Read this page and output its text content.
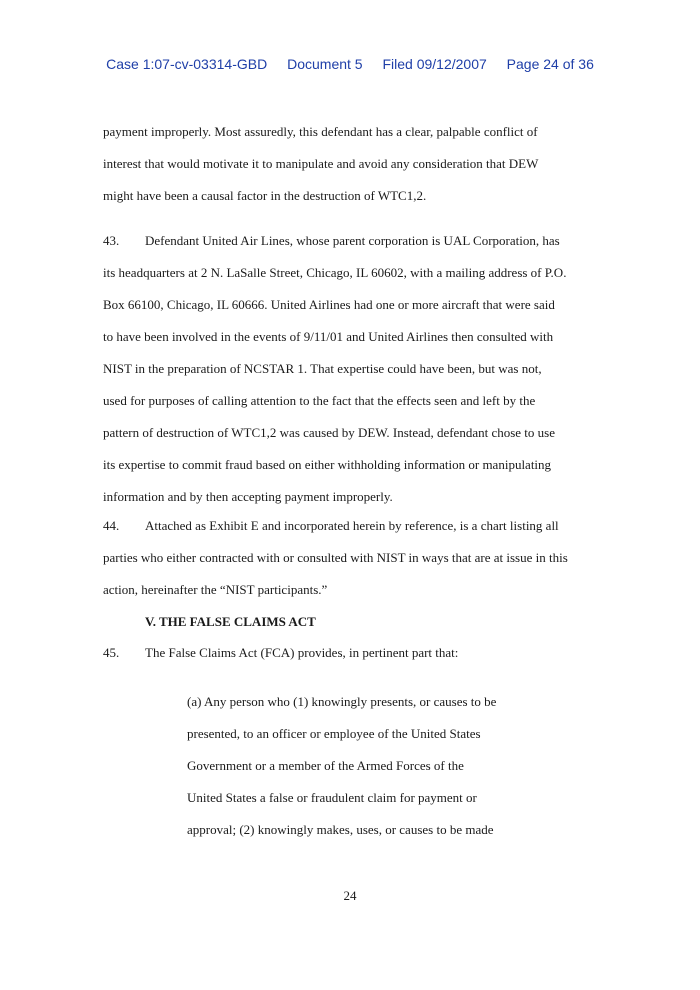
Case 1:07-cv-03314-GBD Document 5 Filed 09/12/2007 Page 24 of 36
payment improperly. Most assuredly, this defendant has a clear, palpable conflict of
interest that would motivate it to manipulate and avoid any consideration that DEW
might have been a causal factor in the destruction of WTC1,2.
43. Defendant United Air Lines, whose parent corporation is UAL Corporation, has
its headquarters at 2 N. LaSalle Street, Chicago, IL 60602, with a mailing address of P.O.
Box 66100, Chicago, IL 60666. United Airlines had one or more aircraft that were said
to have been involved in the events of 9/11/01 and United Airlines then consulted with
NIST in the preparation of NCSTAR 1. That expertise could have been, but was not,
used for purposes of calling attention to the fact that the effects seen and left by the
pattern of destruction of WTC1,2 was caused by DEW. Instead, defendant chose to use
its expertise to commit fraud based on either withholding information or manipulating
information and by then accepting payment improperly.
44. Attached as Exhibit E and incorporated herein by reference, is a chart listing all
parties who either contracted with or consulted with NIST in ways that are at issue in this
action, hereinafter the “NIST participants.”
V. THE FALSE CLAIMS ACT
45. The False Claims Act (FCA) provides, in pertinent part that:
(a) Any person who (1) knowingly presents, or causes to be
presented, to an officer or employee of the United States
Government or a member of the Armed Forces of the
United States a false or fraudulent claim for payment or
approval; (2) knowingly makes, uses, or causes to be made
24
